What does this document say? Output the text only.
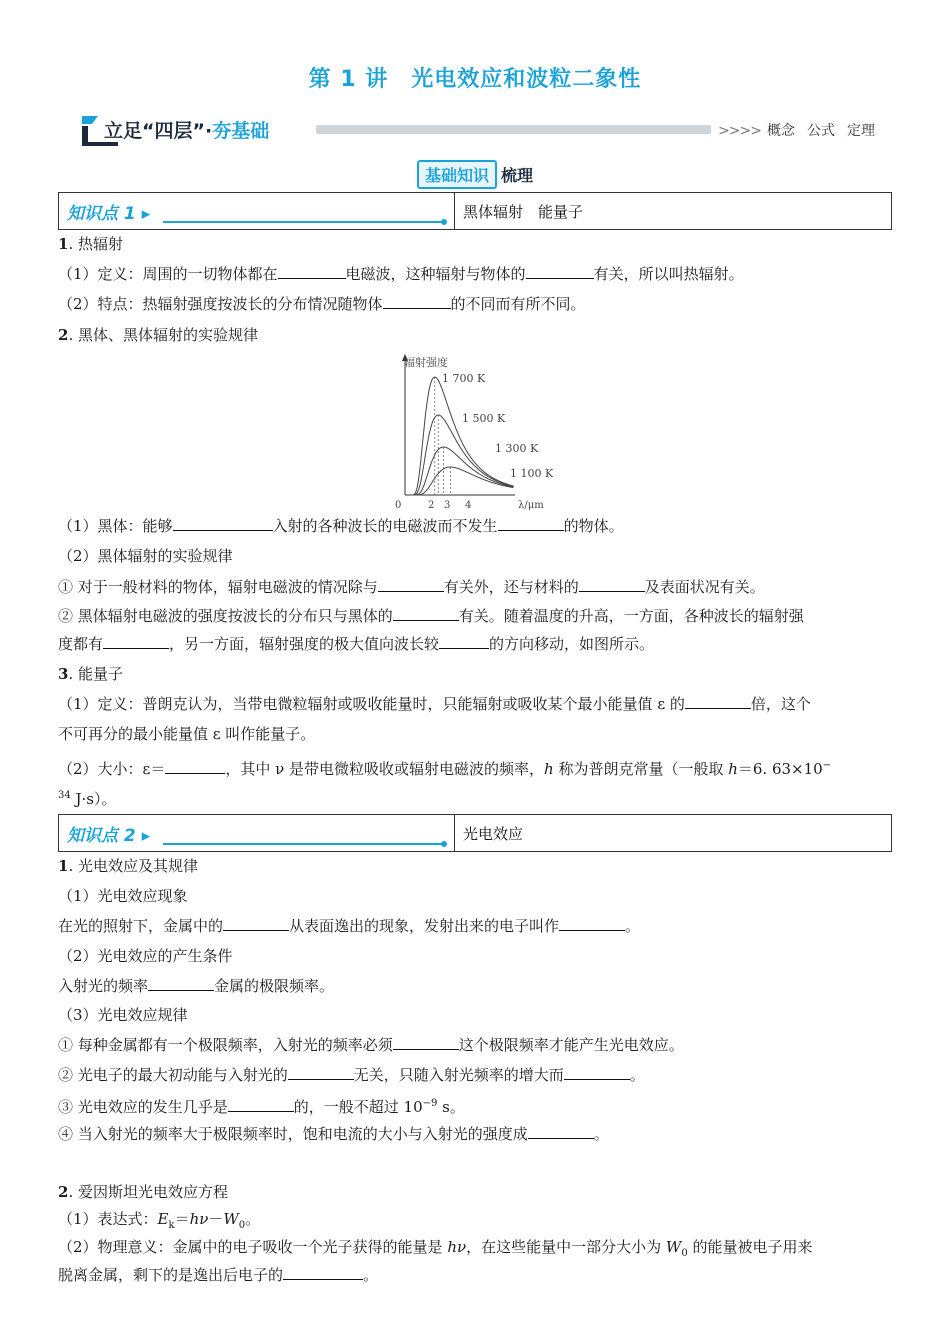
第 1 讲　光电效应和波粒二象性
立足“四层”·夯基础	>>>> 概念 公式 定理
基础知识 梳理
知识点 1 ▸	黑体辐射　能量子
1. 热辐射
（1）定义：周围的一切物体都在	电磁波，这种辐射与物体的	有关，所以叫热辐射。
（2）特点：热辐射强度按波长的分布情况随物体	的不同而有所不同。
2. 黑体、黑体辐射的实验规律
辐射强度
λ/μm
0	2 3 4
1 700 K
1 500 K
1 300 K
1 100 K
（1）黑体：能够	入射的各种波长的电磁波而不发生	的物体。
（2）黑体辐射的实验规律
① 对于一般材料的物体，辐射电磁波的情况除与	有关外，还与材料的	及表面状况有关。
② 黑体辐射电磁波的强度按波长的分布只与黑体的	有关。随着温度的升高，一方面，各种波长的辐射强
度都有	，另一方面，辐射强度的极大值向波长较	的方向移动，如图所示。
3. 能量子
（1）定义：普朗克认为，当带电微粒辐射或吸收能量时，只能辐射或吸收某个最小能量值 ε 的	倍，这个
不可再分的最小能量值 ε 叫作能量子。
（2）大小：ε＝	，其中 ν 是带电微粒吸收或辐射电磁波的频率，h 称为普朗克常量（一般取 h＝6. 63×10−
$^{34}$ J·s）。
知识点 2 ▸	光电效应
1. 光电效应及其规律
（1）光电效应现象
在光的照射下，金属中的	从表面逸出的现象，发射出来的电子叫作	。
（2）光电效应的产生条件
入射光的频率	金属的极限频率。
（3）光电效应规律
① 每种金属都有一个极限频率，入射光的频率必须	这个极限频率才能产生光电效应。
② 光电子的最大初动能与入射光的	无关，只随入射光频率的增大而	。
③ 光电效应的发生几乎是	的，一般不超过 $10^{-9}$ s。
④ 当入射光的频率大于极限频率时，饱和电流的大小与入射光的强度成	。
2. 爱因斯坦光电效应方程
（1）表达式：$E_k=h\nu-W_0$。
（2）物理意义：金属中的电子吸收一个光子获得的能量是 hν，在这些能量中一部分大小为 $W_0$ 的能量被电子用来
脱离金属，剩下的是逸出后电子的	。
